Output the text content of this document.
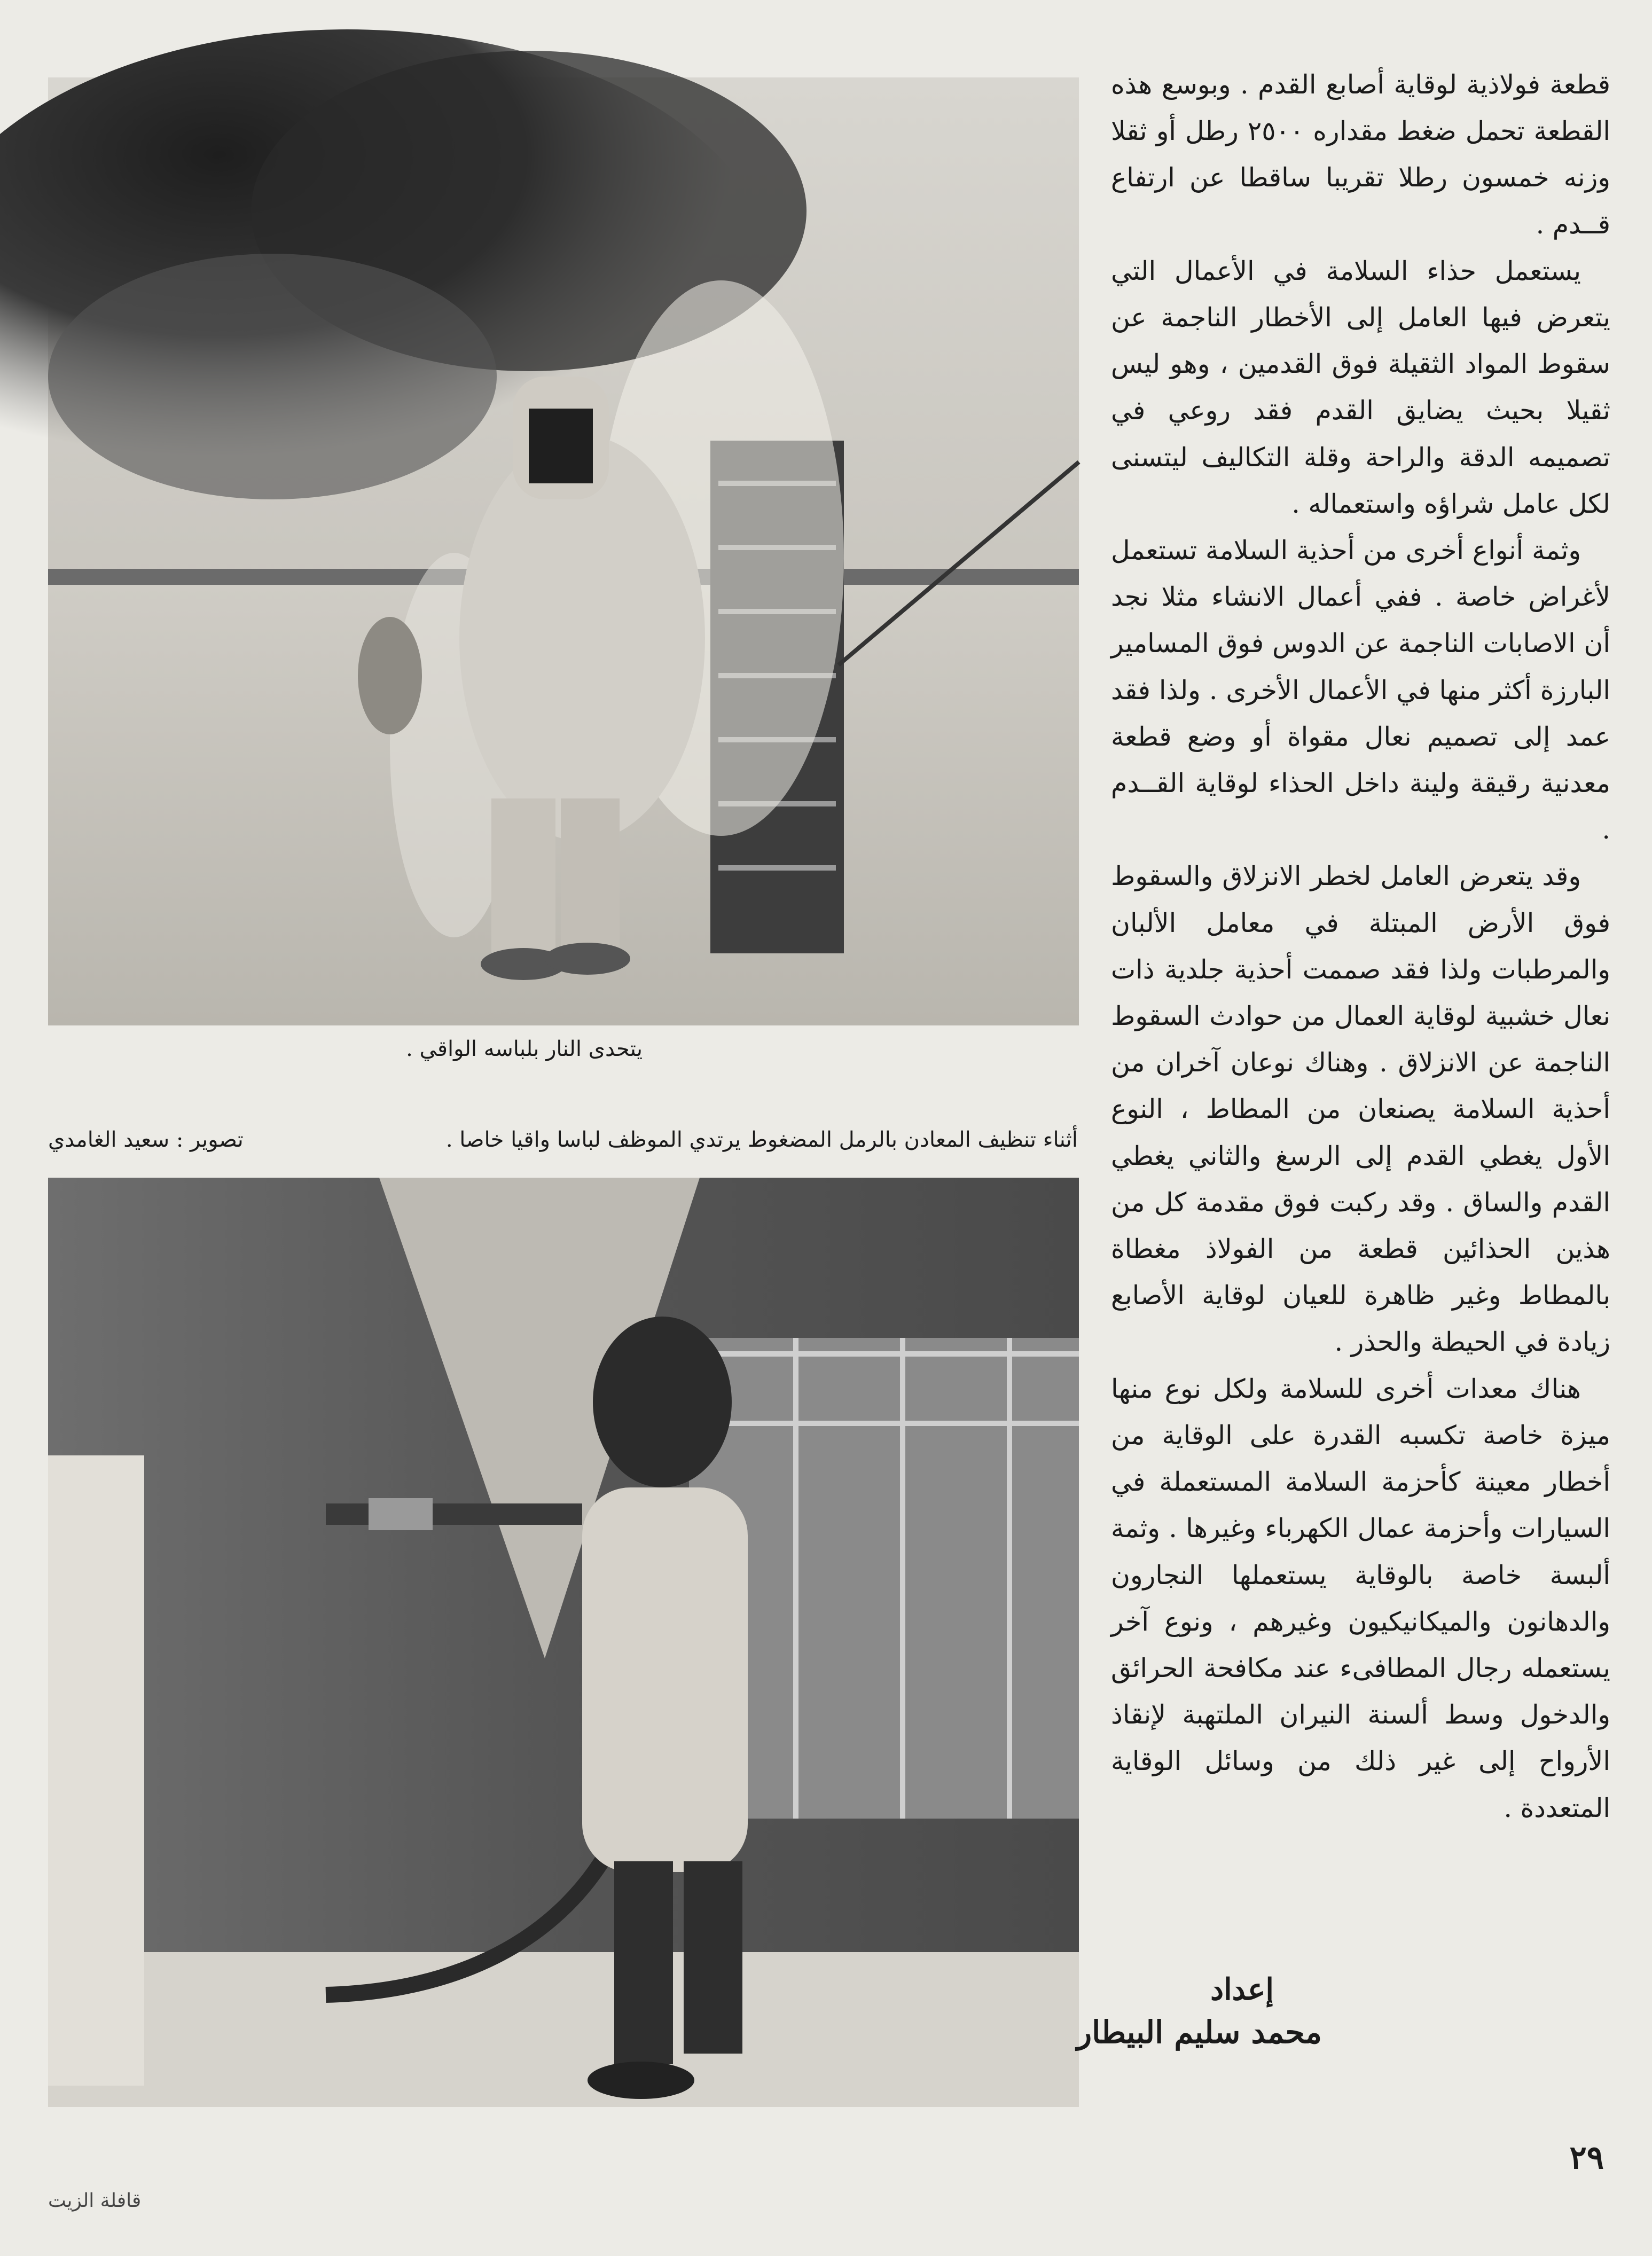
يتحدى النار بلباسه الواقي .
أثناء تنظيف المعادن بالرمل المضغوط يرتدي الموظف لباسا واقيا خاصا .
تصوير : سعيد الغامدي

قطعة فولاذية لوقاية أصابع القدم . وبوسع هذه القطعة تحمل ضغط مقداره ٢٥٠٠ رطل أو ثقلا وزنه خمسون رطلا تقريبا ساقطا عن ارتفاع قــدم .

يستعمل حذاء السلامة في الأعمال التي يتعرض فيها العامل إلى الأخطار الناجمة عن سقوط المواد الثقيلة فوق القدمين ، وهو ليس ثقيلا بحيث يضايق القدم فقد روعي في تصميمه الدقة والراحة وقلة التكاليف ليتسنى لكل عامل شراؤه واستعماله .

وثمة أنواع أخرى من أحذية السلامة تستعمل لأغراض خاصة . ففي أعمال الانشاء مثلا نجد أن الاصابات الناجمة عن الدوس فوق المسامير البارزة أكثر منها في الأعمال الأخرى . ولذا فقد عمد إلى تصميم نعال مقواة أو وضع قطعة معدنية رقيقة ولينة داخل الحذاء لوقاية القــدم .

وقد يتعرض العامل لخطر الانزلاق والسقوط فوق الأرض المبتلة في معامل الألبان والمرطبات ولذا فقد صممت أحذية جلدية ذات نعال خشبية لوقاية العمال من حوادث السقوط الناجمة عن الانزلاق . وهناك نوعان آخران من أحذية السلامة يصنعان من المطاط ، النوع الأول يغطي القدم إلى الرسغ والثاني يغطي القدم والساق . وقد ركبت فوق مقدمة كل من هذين الحذائين قطعة من الفولاذ مغطاة بالمطاط وغير ظاهرة للعيان لوقاية الأصابع زيادة في الحيطة والحذر .

هناك معدات أخرى للسلامة ولكل نوع منها ميزة خاصة تكسبه القدرة على الوقاية من أخطار معينة كأحزمة السلامة المستعملة في السيارات وأحزمة عمال الكهرباء وغيرها . وثمة ألبسة خاصة بالوقاية يستعملها النجارون والدهانون والميكانيكيون وغيرهم ، ونوع آخر يستعمله رجال المطافىء عند مكافحة الحرائق والدخول وسط ألسنة النيران الملتهبة لإنقاذ الأرواح إلى غير ذلك من وسائل الوقاية المتعددة .

إعداد
محمد سليم البيطار
٢٩
قافلة الزيت
